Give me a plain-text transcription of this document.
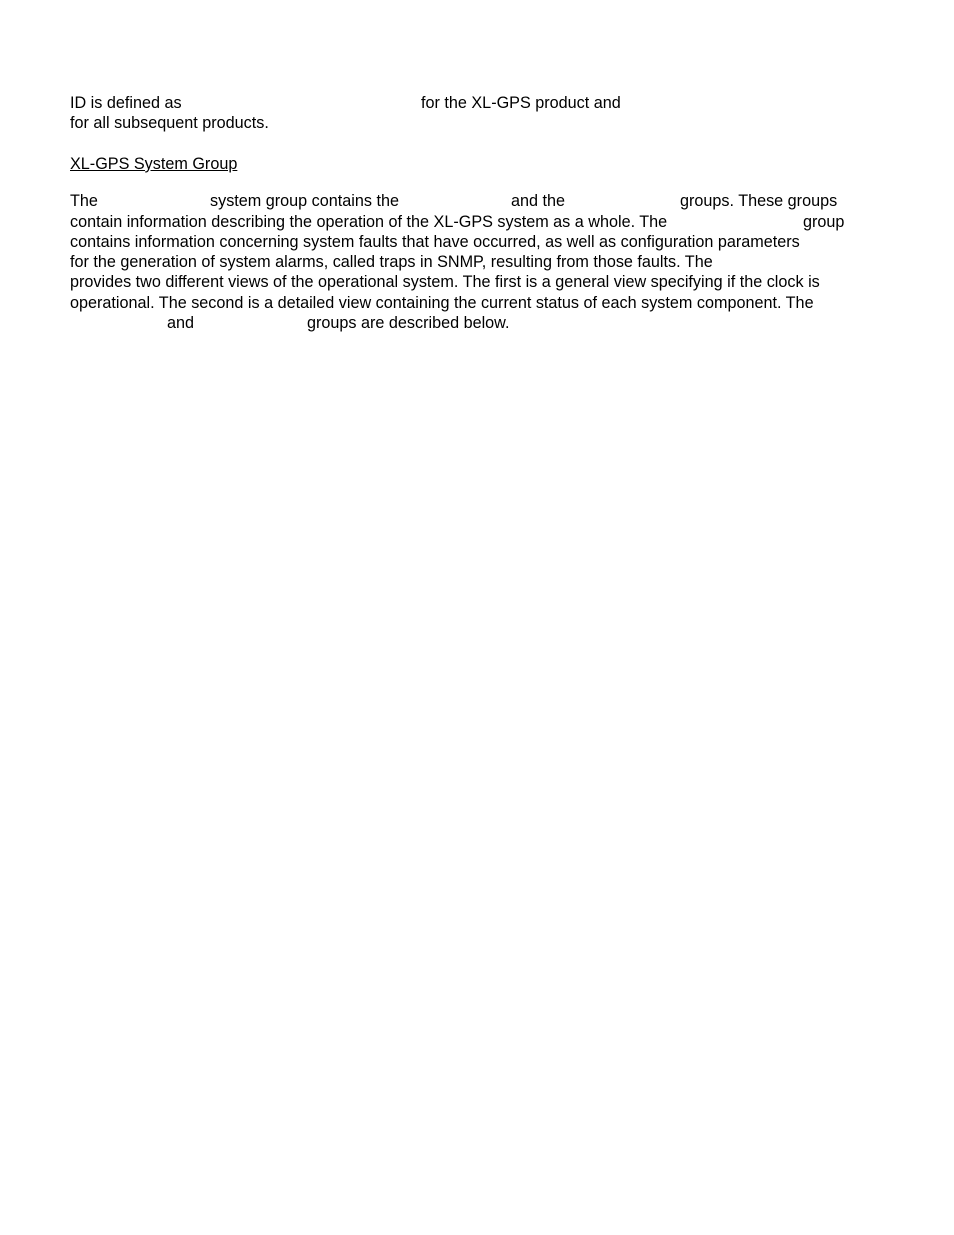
ID is defined as	for the XL-GPS product and
for all subsequent products.
XL-GPS System Group
The	system group contains the	and the	groups. These groups
contain information describing the operation of the XL-GPS system as a whole. The	group
contains information concerning system faults that have occurred, as well as configuration parameters
for the generation of system alarms, called traps in SNMP, resulting from those faults. The
provides two different views of the operational system. The first is a general view specifying if the clock is
operational. The second is a detailed view containing the current status of each system component. The
and	groups are described below.
